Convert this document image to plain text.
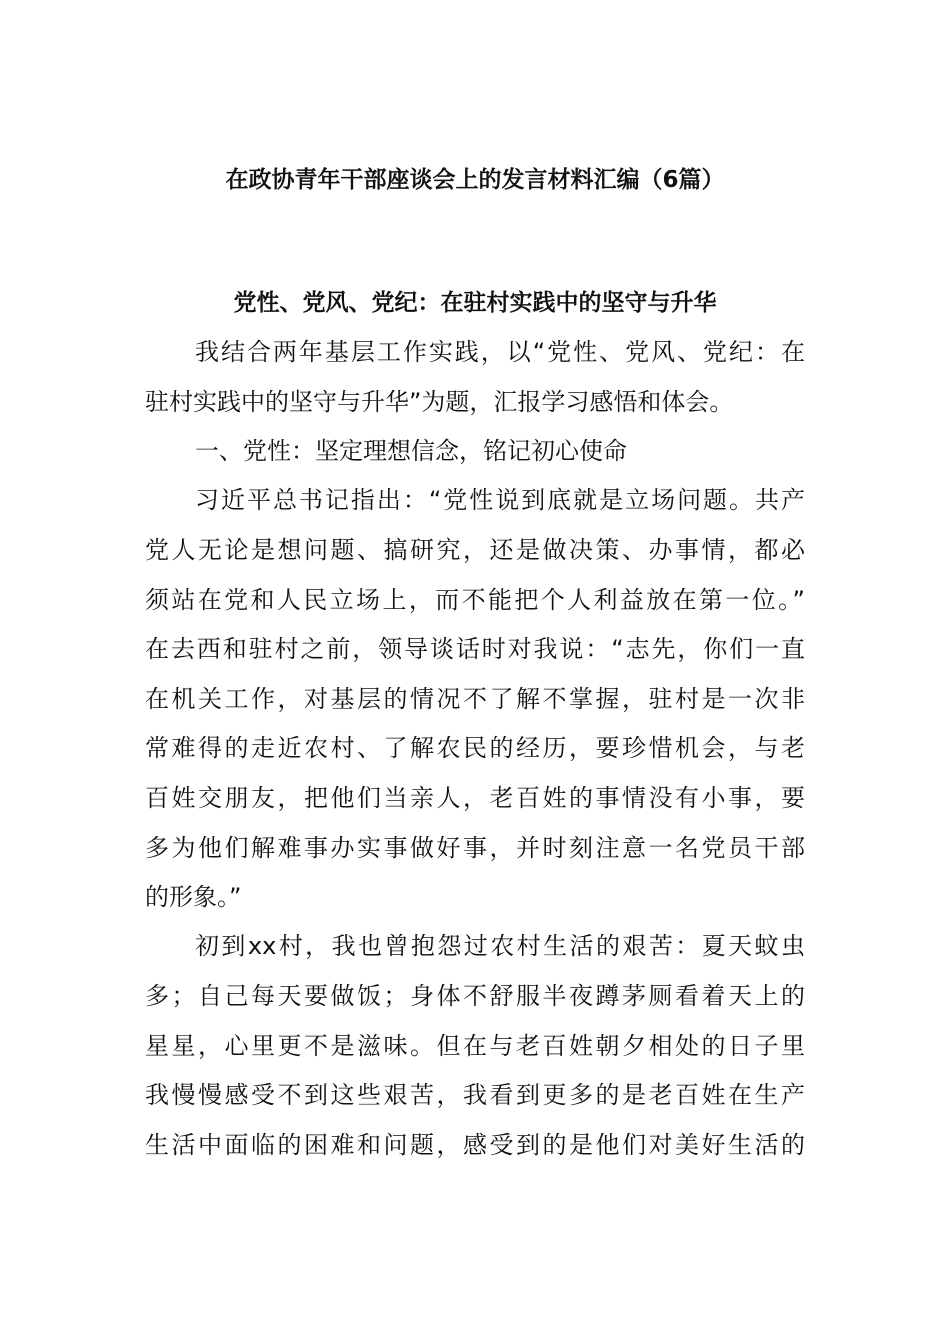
在政协青年干部座谈会上的发言材料汇编（6篇）
党性、党风、党纪：在驻村实践中的坚守与升华
我结合两年基层工作实践，以“党性、党风、党纪：在
驻村实践中的坚守与升华”为题，汇报学习感悟和体会。
一、党性：坚定理想信念，铭记初心使命
习近平总书记指出：“党性说到底就是立场问题。共产
党人无论是想问题、搞研究，还是做决策、办事情，都必
须站在党和人民立场上，而不能把个人利益放在第一位。”
在去西和驻村之前，领导谈话时对我说：“志先，你们一直
在机关工作，对基层的情况不了解不掌握，驻村是一次非
常难得的走近农村、了解农民的经历，要珍惜机会，与老
百姓交朋友，把他们当亲人，老百姓的事情没有小事，要
多为他们解难事办实事做好事，并时刻注意一名党员干部
的形象。”
初到xx村，我也曾抱怨过农村生活的艰苦：夏天蚊虫
多；自己每天要做饭；身体不舒服半夜蹲茅厕看着天上的
星星，心里更不是滋味。但在与老百姓朝夕相处的日子里
我慢慢感受不到这些艰苦，我看到更多的是老百姓在生产
生活中面临的困难和问题，感受到的是他们对美好生活的
